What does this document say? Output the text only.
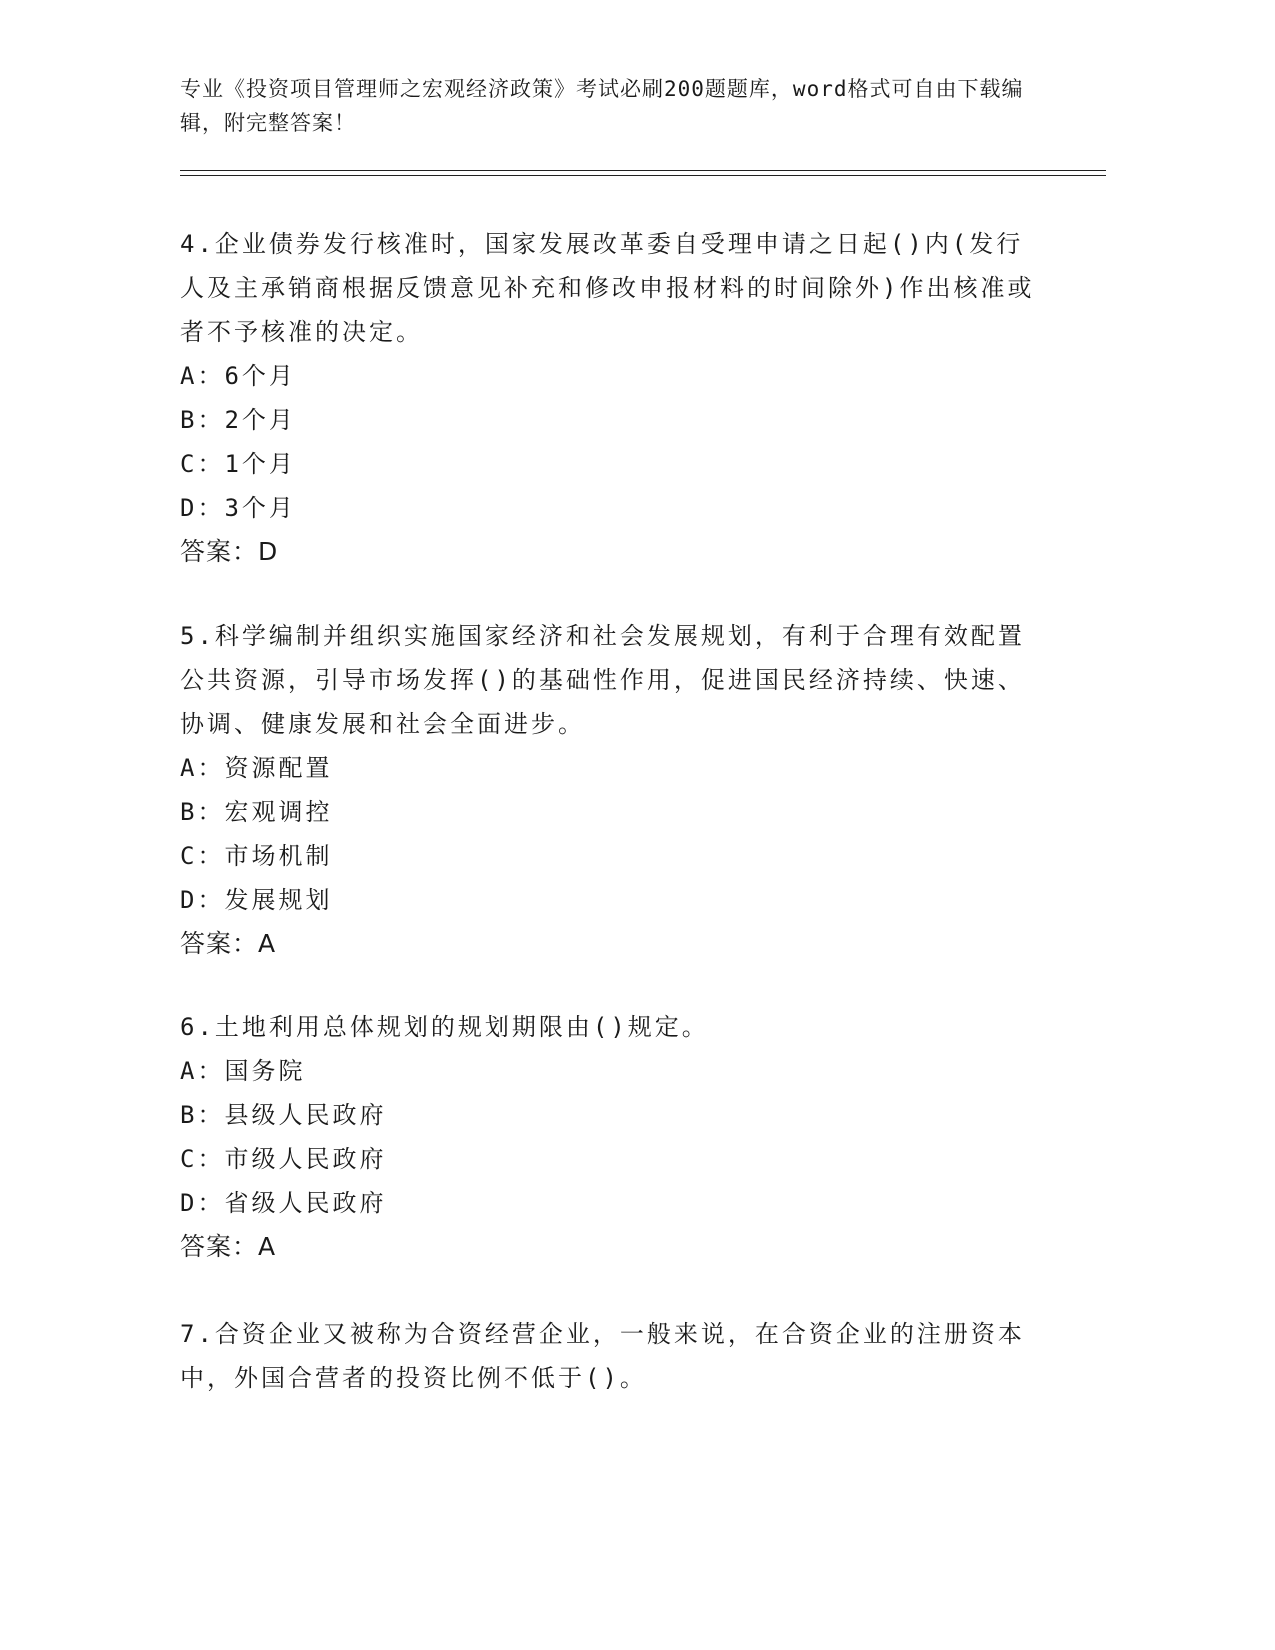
专业《投资项目管理师之宏观经济政策》考试必刷200题题库，word格式可自由下载编辑，附完整答案！

4.企业债券发行核准时，国家发展改革委自受理申请之日起()内(发行人及主承销商根据反馈意见补充和修改申报材料的时间除外)作出核准或者不予核准的决定。

A：6个月

B：2个月

C：1个月

D：3个月

答案：D

5.科学编制并组织实施国家经济和社会发展规划，有利于合理有效配置公共资源，引导市场发挥()的基础性作用，促进国民经济持续、快速、协调、健康发展和社会全面进步。

A：资源配置

B：宏观调控

C：市场机制

D：发展规划

答案：A

6.土地利用总体规划的规划期限由()规定。

A：国务院

B：县级人民政府

C：市级人民政府

D：省级人民政府

答案：A

7.合资企业又被称为合资经营企业，一般来说，在合资企业的注册资本中，外国合营者的投资比例不低于()。
